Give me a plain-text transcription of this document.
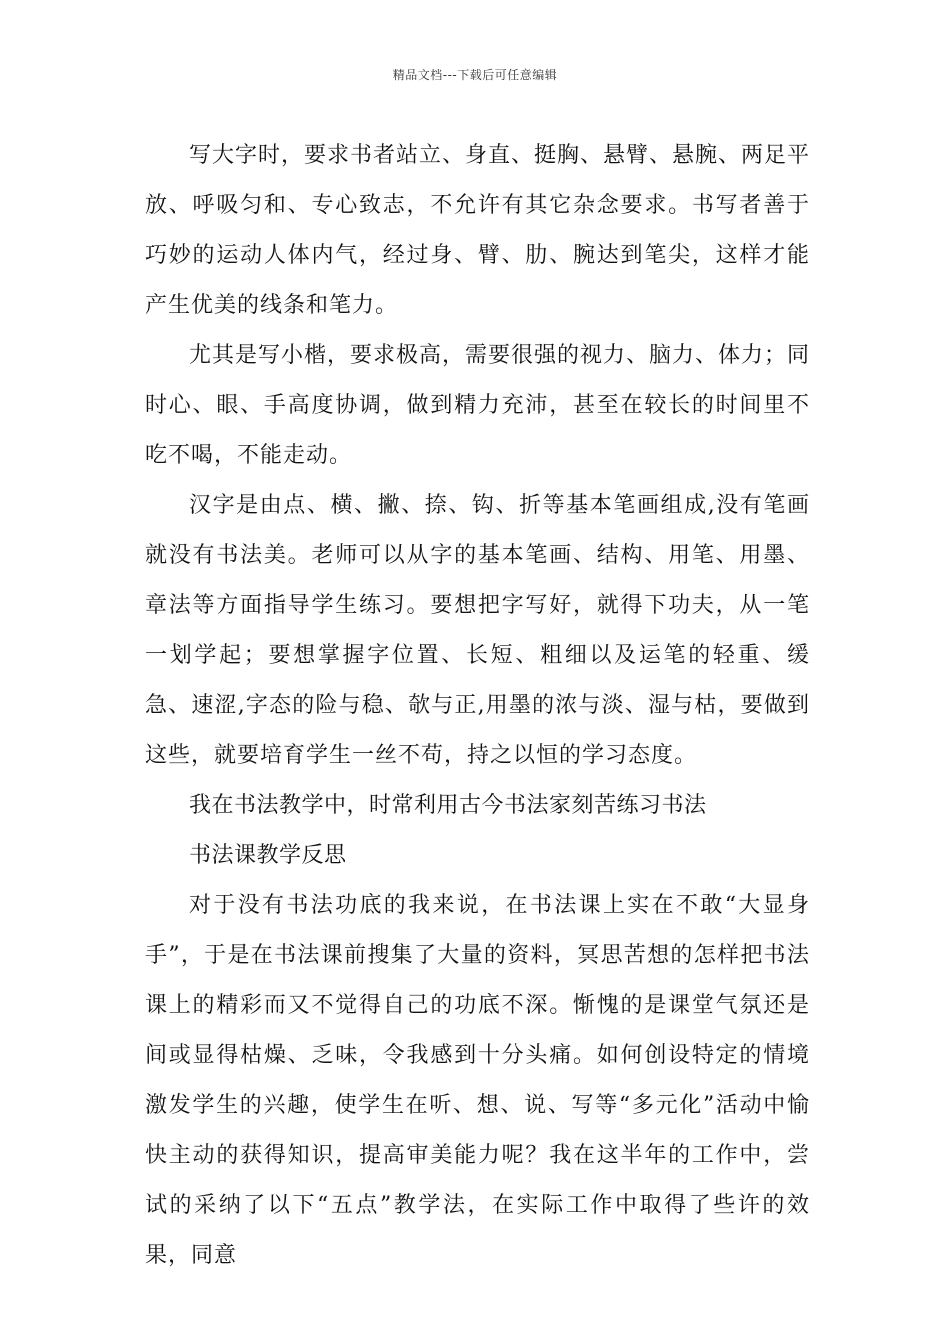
精品文档---下载后可任意编辑

写大字时，要求书者站立、身直、挺胸、悬臂、悬腕、两足平放、呼吸匀和、专心致志，不允许有其它杂念要求。书写者善于巧妙的运动人体内气，经过身、臂、肋、腕达到笔尖，这样才能产生优美的线条和笔力。

尤其是写小楷，要求极高，需要很强的视力、脑力、体力；同时心、眼、手高度协调，做到精力充沛，甚至在较长的时间里不吃不喝，不能走动。

汉字是由点、横、撇、捺、钩、折等基本笔画组成,没有笔画就没有书法美。老师可以从字的基本笔画、结构、用笔、用墨、章法等方面指导学生练习。要想把字写好，就得下功夫，从一笔一划学起；要想掌握字位置、长短、粗细以及运笔的轻重、缓急、速涩,字态的险与稳、欹与正,用墨的浓与淡、湿与枯，要做到这些，就要培育学生一丝不苟，持之以恒的学习态度。

我在书法教学中，时常利用古今书法家刻苦练习书法

书法课教学反思

对于没有书法功底的我来说，在书法课上实在不敢“大显身手”，于是在书法课前搜集了大量的资料，冥思苦想的怎样把书法课上的精彩而又不觉得自己的功底不深。惭愧的是课堂气氛还是间或显得枯燥、乏味，令我感到十分头痛。如何创设特定的情境激发学生的兴趣，使学生在听、想、说、写等“多元化”活动中愉快主动的获得知识，提高审美能力呢？我在这半年的工作中，尝试的采纳了以下“五点”教学法，在实际工作中取得了些许的效果，同意
